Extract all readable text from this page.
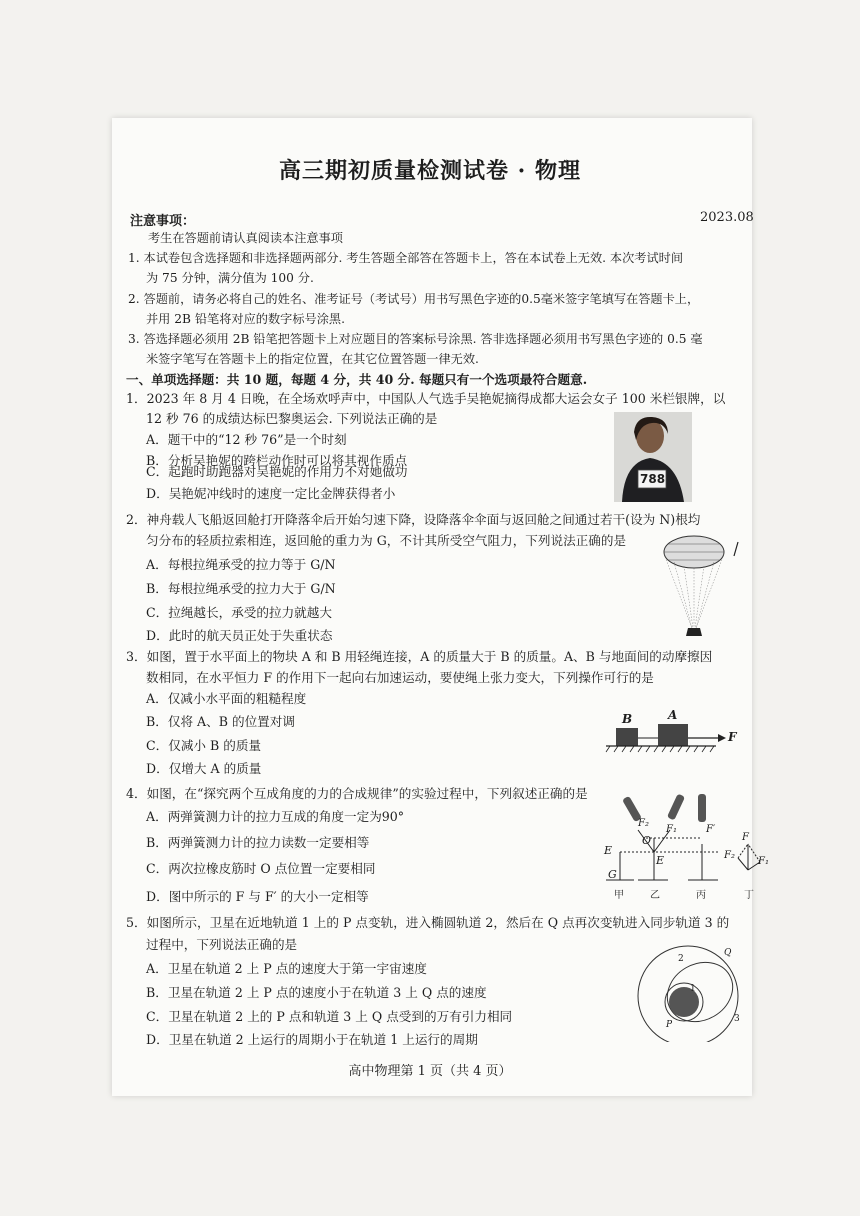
高三期初质量检测试卷 · 物理
注意事项：	2023.08
考生在答题前请认真阅读本注意事项
1. 本试卷包含选择题和非选择题两部分. 考生答题全部答在答题卡上，答在本试卷上无效. 本次考试时间
为 75 分钟，满分值为 100 分.
2. 答题前，请务必将自己的姓名、准考证号（考试号）用书写黑色字迹的0.5毫米签字笔填写在答题卡上，
并用 2B 铅笔将对应的数字标号涂黑.
3. 答选择题必须用 2B 铅笔把答题卡上对应题目的答案标号涂黑. 答非选择题必须用书写黑色字迹的 0.5 毫
米签字笔写在答题卡上的指定位置，在其它位置答题一律无效.
一、单项选择题：共 10 题，每题 4 分，共 40 分. 每题只有一个选项最符合题意.
1．2023 年 8 月 4 日晚，在全场欢呼声中，中国队人气选手吴艳妮摘得成都大运会女子 100 米栏银牌，以
12 秒 76 的成绩达标巴黎奥运会. 下列说法正确的是
A．题干中的“12 秒 76”是一个时刻
B．分析吴艳妮的跨栏动作时可以将其视作质点
C．起跑时助跑器对吴艳妮的作用力不对她做功
D．吴艳妮冲线时的速度一定比金牌获得者小
788
2．神舟载人飞船返回舱打开降落伞后开始匀速下降，设降落伞伞面与返回舱之间通过若干(设为 N)根均
匀分布的轻质拉索相连，返回舱的重力为 G，不计其所受空气阻力，下列说法正确的是
A．每根拉绳承受的拉力等于 G/N
B．每根拉绳承受的拉力大于 G/N
C．拉绳越长，承受的拉力就越大
D．此时的航天员正处于失重状态
3．如图，置于水平面上的物块 A 和 B 用轻绳连接，A 的质量大于 B 的质量。A、B 与地面间的动摩擦因
数相同，在水平恒力 F 的作用下一起向右加速运动，要使绳上张力变大，下列操作可行的是
A．仅减小水平面的粗糙程度
B．仅将 A、B 的位置对调
C．仅减小 B 的质量
D．仅增大 A 的质量
B	A
F
4．如图，在“探究两个互成角度的力的合成规律”的实验过程中，下列叙述正确的是
A．两弹簧测力计的拉力互成的角度一定为90°
B．两弹簧测力计的拉力读数一定要相等
C．两次拉橡皮筋时 O 点位置一定要相同
D．图中所示的 F 与 F′ 的大小一定相等
E
O
E
G
F₂
F₁	F′
F
F₂
F₁
甲	乙	丙	丁
5．如图所示，卫星在近地轨道 1 上的 P 点变轨，进入椭圆轨道 2，然后在 Q 点再次变轨进入同步轨道 3 的
过程中，下列说法正确的是
A．卫星在轨道 2 上 P 点的速度大于第一宇宙速度
B．卫星在轨道 2 上 P 点的速度小于在轨道 3 上 Q 点的速度
C．卫星在轨道 2 上的 P 点和轨道 3 上 Q 点受到的万有引力相同
D．卫星在轨道 2 上运行的周期小于在轨道 1 上运行的周期
2
Q
1
P
3
高中物理第 1 页（共 4 页）
